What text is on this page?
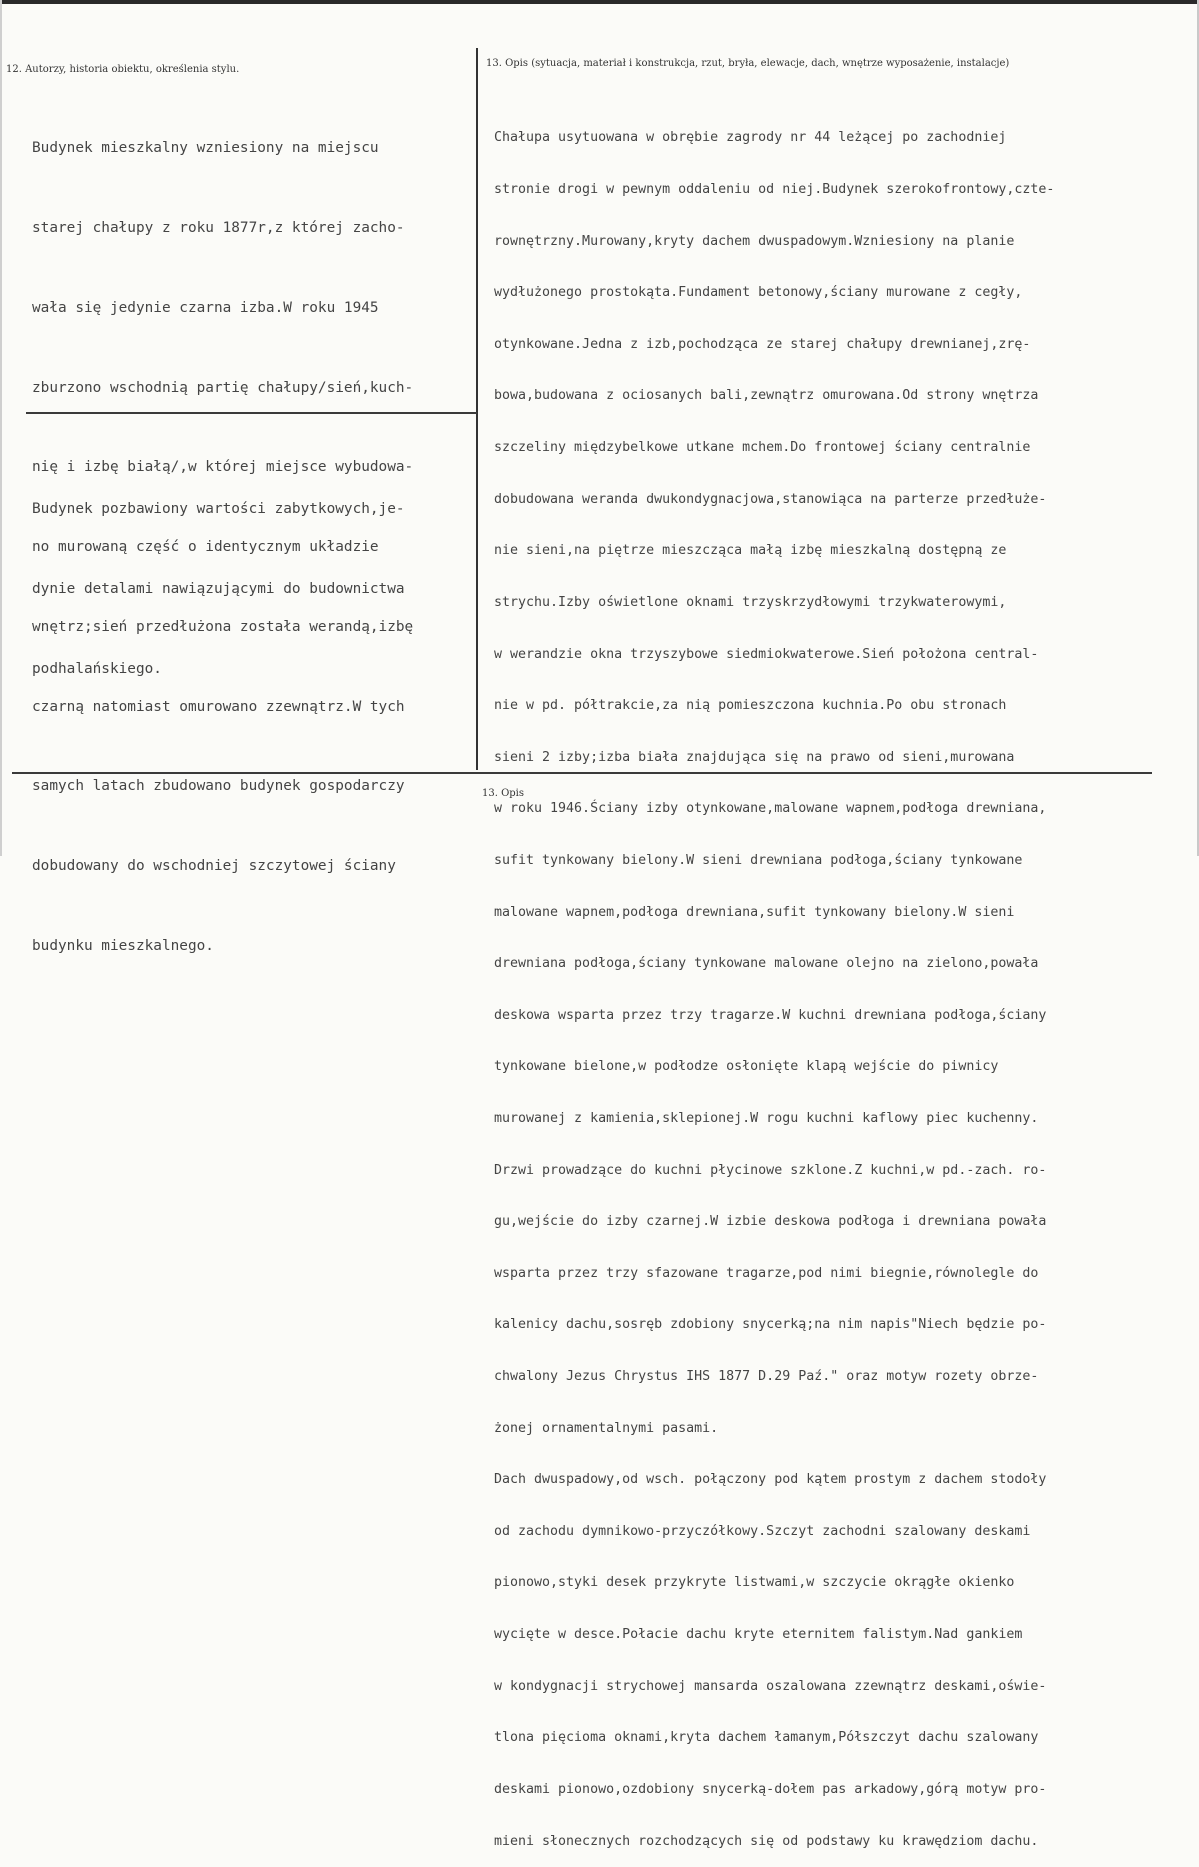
12. Autorzy, historia obiektu, określenia stylu.
13. Opis (sytuacja, materiał i konstrukcja, rzut, bryła, elewacje, dach, wnętrze wyposażenie, instalacje)
13. Opis

Budynek mieszkalny wzniesiony na miejscu

starej chałupy z roku 1877r,z której zacho-

wała się jedynie czarna izba.W roku 1945

zburzono wschodnią partię chałupy/sień,kuch-

nię i izbę białą/,w której miejsce wybudowa-

no murowaną część o identycznym układzie

wnętrz;sień przedłużona została werandą,izbę

czarną natomiast omurowano zzewnątrz.W tych

samych latach zbudowano budynek gospodarczy

dobudowany do wschodniej szczytowej ściany

budynku mieszkalnego.

Budynek pozbawiony wartości zabytkowych,je-

dynie detalami nawiązującymi do budownictwa

podhalańskiego.

Chałupa usytuowana w obrębie zagrody nr 44 leżącej po zachodniej

stronie drogi w pewnym oddaleniu od niej.Budynek szerokofrontowy,czte-

rownętrzny.Murowany,kryty dachem dwuspadowym.Wzniesiony na planie

wydłużonego prostokąta.Fundament betonowy,ściany murowane z cegły,

otynkowane.Jedna z izb,pochodząca ze starej chałupy drewnianej,zrę-

bowa,budowana z ociosanych bali,zewnątrz omurowana.Od strony wnętrza

szczeliny międzybelkowe utkane mchem.Do frontowej ściany centralnie

dobudowana weranda dwukondygnacjowa,stanowiąca na parterze przedłuże-

nie sieni,na piętrze mieszcząca małą izbę mieszkalną dostępną ze

strychu.Izby oświetlone oknami trzyskrzydłowymi trzykwaterowymi,

w werandzie okna trzyszybowe siedmiokwaterowe.Sień położona central-

nie w pd. półtrakcie,za nią pomieszczona kuchnia.Po obu stronach

sieni 2 izby;izba biała znajdująca się na prawo od sieni,murowana

w roku 1946.Ściany izby otynkowane,malowane wapnem,podłoga drewniana,

sufit tynkowany bielony.W sieni drewniana podłoga,ściany tynkowane

malowane wapnem,podłoga drewniana,sufit tynkowany bielony.W sieni

drewniana podłoga,ściany tynkowane malowane olejno na zielono,powała

deskowa wsparta przez trzy tragarze.W kuchni drewniana podłoga,ściany

tynkowane bielone,w podłodze osłonięte klapą wejście do piwnicy

murowanej z kamienia,sklepionej.W rogu kuchni kaflowy piec kuchenny.

Drzwi prowadzące do kuchni płycinowe szklone.Z kuchni,w pd.-zach. ro-

gu,wejście do izby czarnej.W izbie deskowa podłoga i drewniana powała

wsparta przez trzy sfazowane tragarze,pod nimi biegnie,równolegle do

kalenicy dachu,sosręb zdobiony snycerką;na nim napis"Niech będzie po-

chwalony Jezus Chrystus IHS 1877 D.29 Paź." oraz motyw rozety obrze-

żonej ornamentalnymi pasami.

Dach dwuspadowy,od wsch. połączony pod kątem prostym z dachem stodoły

od zachodu dymnikowo-przyczółkowy.Szczyt zachodni szalowany deskami

pionowo,styki desek przykryte listwami,w szczycie okrągłe okienko

wycięte w desce.Połacie dachu kryte eternitem falistym.Nad gankiem

w kondygnacji strychowej mansarda oszalowana zzewnątrz deskami,oświe-

tlona pięcioma oknami,kryta dachem łamanym,Półszczyt dachu szalowany

deskami pionowo,ozdobiony snycerką-dołem pas arkadowy,górą motyw pro-

mieni słonecznych rozchodzących się od podstawy ku krawędziom dachu.
